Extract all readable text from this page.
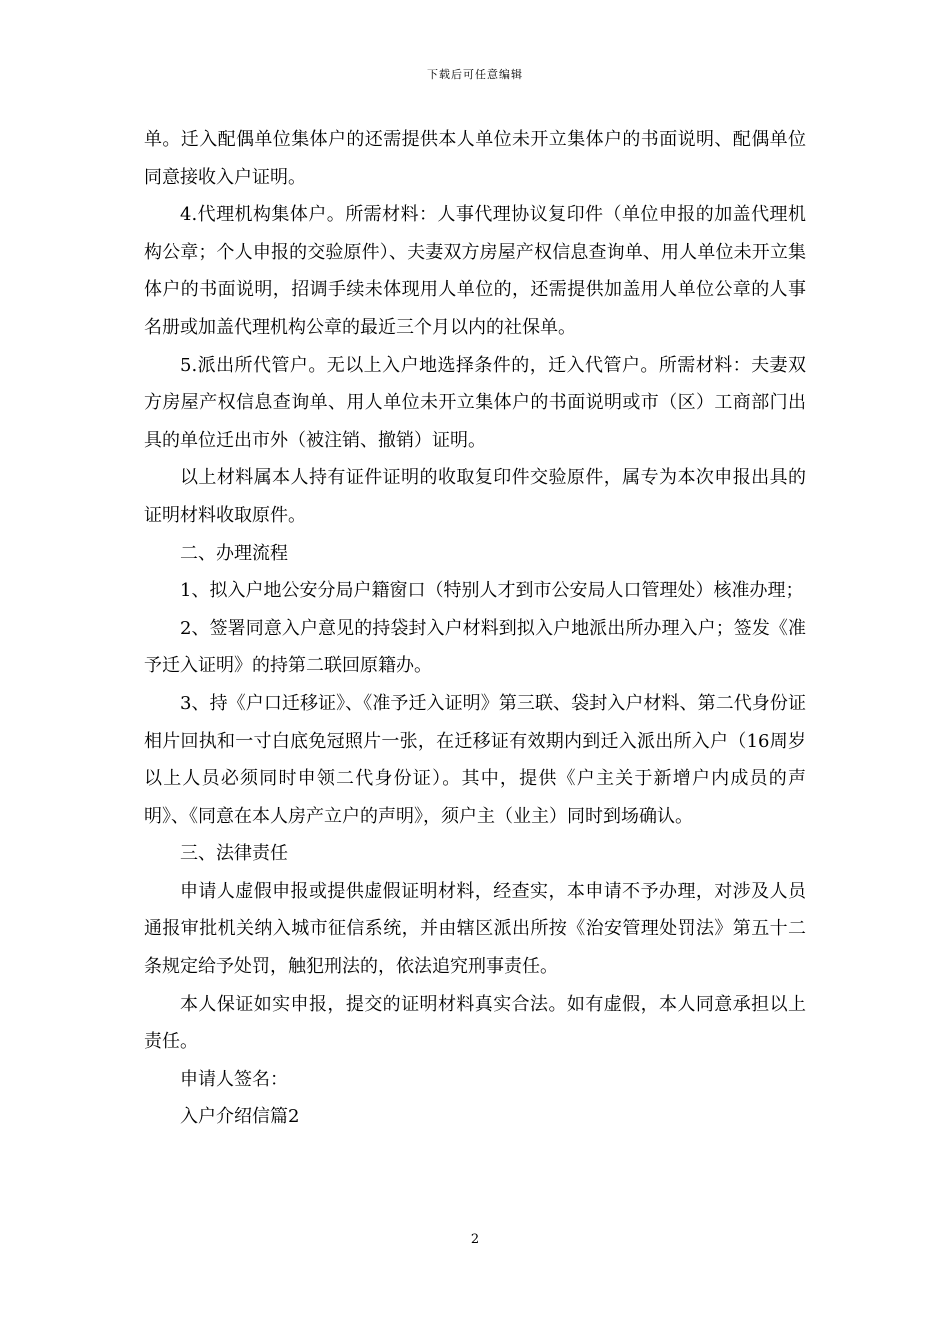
下载后可任意编辑

单。迁入配偶单位集体户的还需提供本人单位未开立集体户的书面说明、配偶单位同意接收入户证明。

4.代理机构集体户。所需材料：人事代理协议复印件（单位申报的加盖代理机构公章；个人申报的交验原件）、夫妻双方房屋产权信息查询单、用人单位未开立集体户的书面说明，招调手续未体现用人单位的，还需提供加盖用人单位公章的人事名册或加盖代理机构公章的最近三个月以内的社保单。

5.派出所代管户。无以上入户地选择条件的，迁入代管户。所需材料：夫妻双方房屋产权信息查询单、用人单位未开立集体户的书面说明或市（区）工商部门出具的单位迁出市外（被注销、撤销）证明。

以上材料属本人持有证件证明的收取复印件交验原件，属专为本次申报出具的证明材料收取原件。

二、办理流程

1、拟入户地公安分局户籍窗口（特别人才到市公安局人口管理处）核准办理；

2、签署同意入户意见的持袋封入户材料到拟入户地派出所办理入户；签发《准予迁入证明》的持第二联回原籍办。

3、持《户口迁移证》、《准予迁入证明》第三联、袋封入户材料、第二代身份证相片回执和一寸白底免冠照片一张，在迁移证有效期内到迁入派出所入户（16周岁以上人员必须同时申领二代身份证）。其中，提供《户主关于新增户内成员的声明》、《同意在本人房产立户的声明》，须户主（业主）同时到场确认。

三、法律责任

申请人虚假申报或提供虚假证明材料，经查实，本申请不予办理，对涉及人员通报审批机关纳入城市征信系统，并由辖区派出所按《治安管理处罚法》第五十二条规定给予处罚，触犯刑法的，依法追究刑事责任。

本人保证如实申报，提交的证明材料真实合法。如有虚假，本人同意承担以上责任。

申请人签名：

入户介绍信篇2

2
